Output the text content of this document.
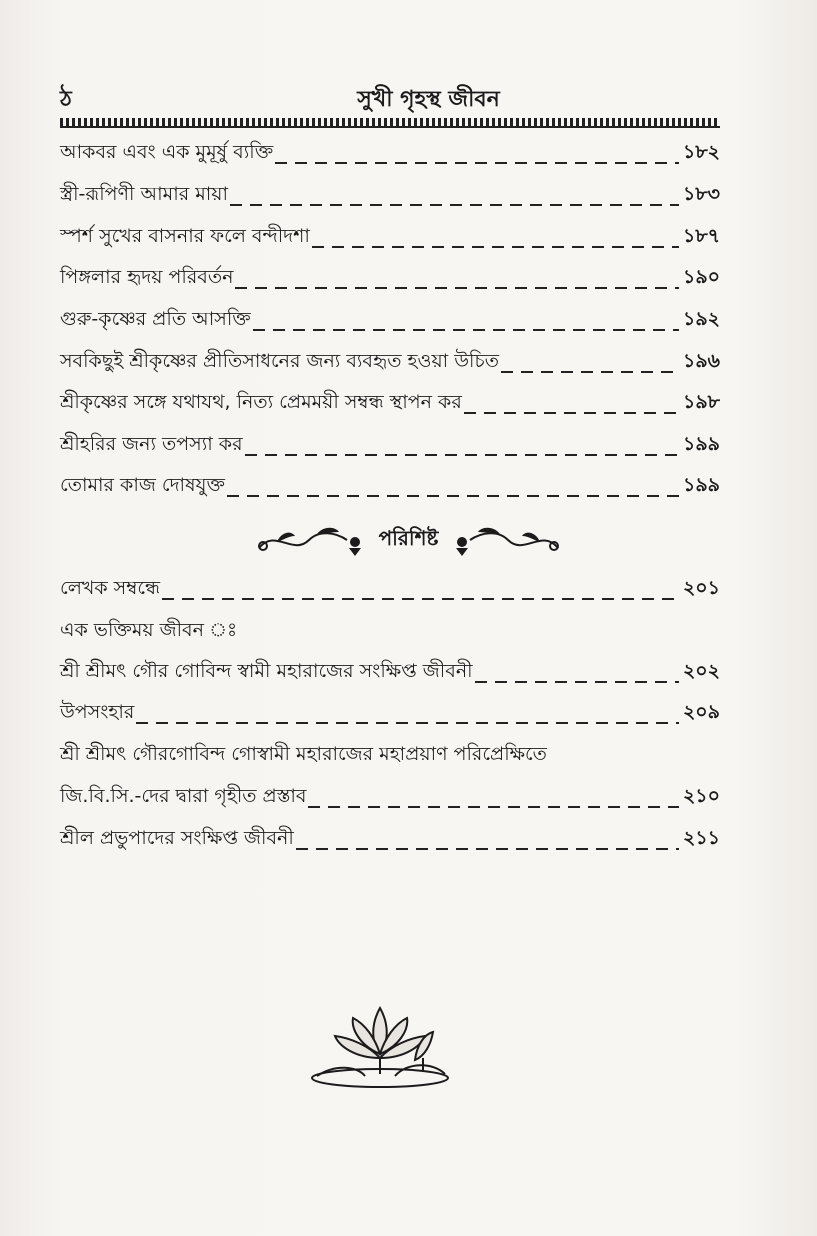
ঠ	সুখী গৃহস্থ জীবন
আকবর এবং এক মুমূর্ষু ব্যক্তি	১৮২
স্ত্রী-রূপিণী আমার মায়া	১৮৩
স্পর্শ সুখের বাসনার ফলে বন্দীদশা	১৮৭
পিঙ্গলার হৃদয় পরিবর্তন	১৯০
গুরু-কৃষ্ণের প্রতি আসক্তি	১৯২
সবকিছুই শ্রীকৃষ্ণের প্রীতিসাধনের জন্য ব্যবহৃত হওয়া উচিত	১৯৬
শ্রীকৃষ্ণের সঙ্গে যথাযথ, নিত্য প্রেমময়ী সম্বন্ধ স্থাপন কর	১৯৮
শ্রীহরির জন্য তপস্যা কর	১৯৯
তোমার কাজ দোষযুক্ত	১৯৯
পরিশিষ্ট
লেখক সম্বন্ধে	২০১
এক ভক্তিময় জীবন ঃ
শ্রী শ্রীমৎ গৌর গোবিন্দ স্বামী মহারাজের সংক্ষিপ্ত জীবনী	২০২
উপসংহার	২০৯
শ্রী শ্রীমৎ গৌরগোবিন্দ গোস্বামী মহারাজের মহাপ্রয়াণ পরিপ্রেক্ষিতে
জি.বি.সি.-দের দ্বারা গৃহীত প্রস্তাব	২১০
শ্রীল প্রভুপাদের সংক্ষিপ্ত জীবনী	২১১
